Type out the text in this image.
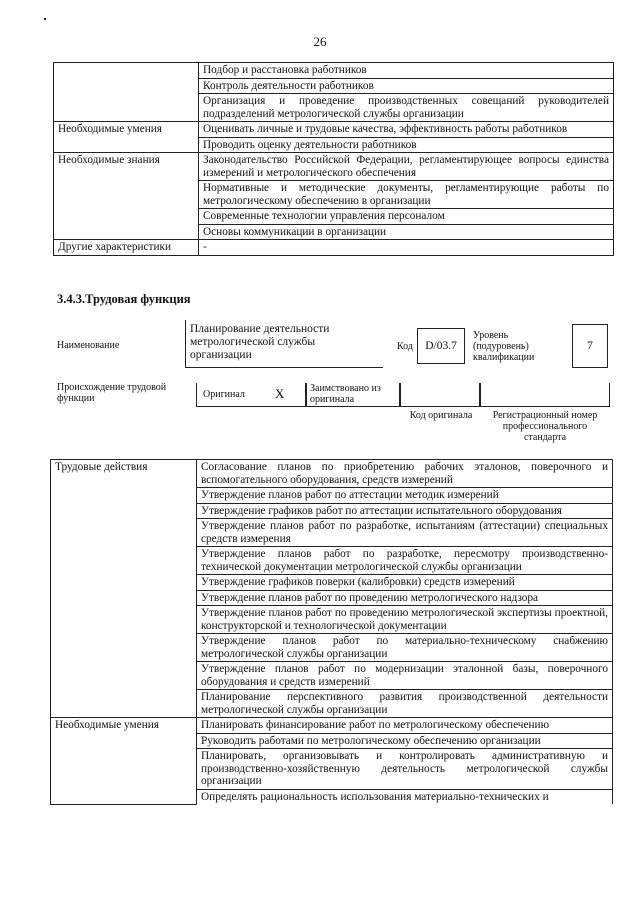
26
	Подбор и расстановка работников
	Контроль деятельности работников
	Организация и проведение производственных совещаний руководителей подразделений метрологической службы организации
Необходимые умения	Оценивать личные и трудовые качества, эффективность работы работников
	Проводить оценку деятельности работников
Необходимые знания	Законодательство Российской Федерации, регламентирующее вопросы единства измерений и метрологического обеспечения
	Нормативные и методические документы, регламентирующие работы по метрологическому обеспечению в организации
	Современные технологии управления персоналом
	Основы коммуникации в организации
Другие характеристики	-
3.4.3.Трудовая функция
Наименование
Планирование деятельности метрологической службы организации
Код D/03.7
Уровень (подуровень) квалификации
7
Происхождение трудовой функции	Оригинал X	Заимствовано из оригинала
Код оригинала	Регистрационный номер профессионального стандарта
Трудовые действия	Согласование планов по приобретению рабочих эталонов, поверочного и вспомогательного оборудования, средств измерений
	Утверждение планов работ по аттестации методик измерений
	Утверждение графиков работ по аттестации испытательного оборудования
	Утверждение планов работ по разработке, испытаниям (аттестации) специальных средств измерения
	Утверждение планов работ по разработке, пересмотру производственно-технической документации метрологической службы организации
	Утверждение графиков поверки (калибровки) средств измерений
	Утверждение планов работ по проведению метрологического надзора
	Утверждение планов работ по проведению метрологической экспертизы проектной, конструкторской и технологической документации
	Утверждение планов работ по материально-техническому снабжению метрологической службы организации
	Утверждение планов работ по модернизации эталонной базы, поверочного оборудования и средств измерений
	Планирование перспективного развития производственной деятельности метрологической службы организации
Необходимые умения	Планировать финансирование работ по метрологическому обеспечению
	Руководить работами по метрологическому обеспечению организации
	Планировать, организовывать и контролировать административную и производственно-хозяйственную деятельность метрологической службы организации
	Определять рациональность использования материально-технических и
